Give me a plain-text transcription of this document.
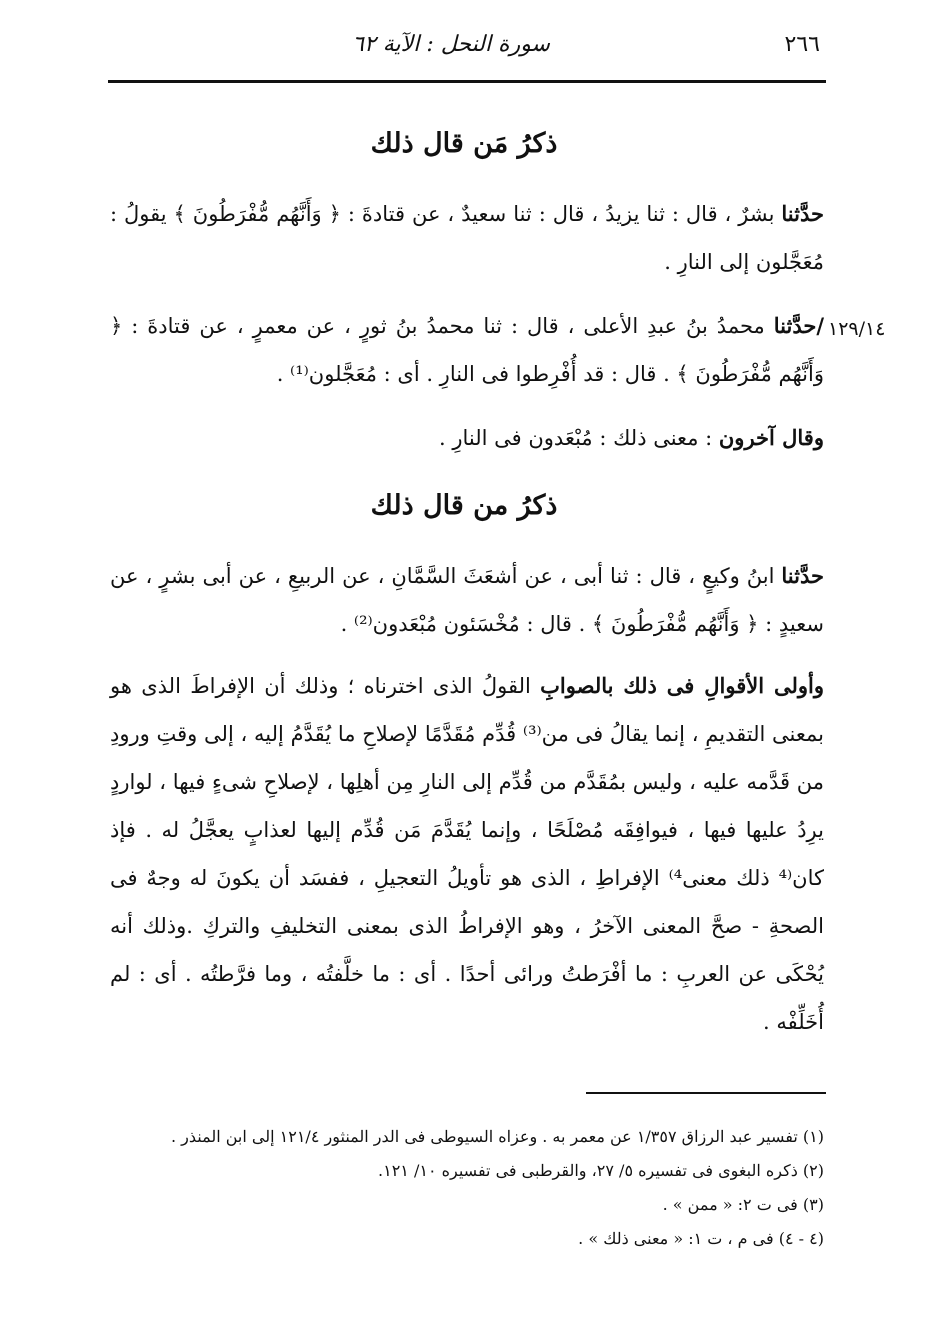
٢٦٦
سورة النحل : الآية ٦٢
ذكرُ مَن قال ذلك
حدَّثنا بشرٌ ، قال : ثنا يزيدُ ، قال : ثنا سعيدٌ ، عن قتادةَ : ﴿ وَأَنَّهُم مُّفْرَطُونَ ﴾ يقولُ : مُعَجَّلون إلى النارِ .
١٢٩/١٤
/حدَّثنا محمدُ بنُ عبدِ الأعلى ، قال : ثنا محمدُ بنُ ثورٍ ، عن معمرٍ ، عن قتادةَ : ﴿ وَأَنَّهُم مُّفْرَطُونَ ﴾ . قال : قد أُفْرِطوا فى النارِ . أى : مُعَجَّلون⁽¹⁾ .
وقال آخرون : معنى ذلك : مُبْعَدون فى النارِ .
ذكرُ من قال ذلك
حدَّثنا ابنُ وكيعٍ ، قال : ثنا أبى ، عن أشعَثَ السَّمَّانِ ، عن الربيعِ ، عن أبى بشرٍ ، عن سعيدٍ : ﴿ وَأَنَّهُم مُّفْرَطُونَ ﴾ . قال : مُخْسَئون مُبْعَدون⁽²⁾ .
وأولى الأقوالِ فى ذلك بالصوابِ القولُ الذى اخترناه ؛ وذلك أن الإفراطَ الذى هو بمعنى التقديمِ ، إنما يقالُ فى من⁽³⁾ قُدِّم مُقَدَّمًا لإصلاحِ ما يُقَدَّمُ إليه ، إلى وقتِ ورودِ من قَدَّمه عليه ، وليس بمُقَدَّم من قُدِّم إلى النارِ مِن أهلِها ، لإصلاحِ شىءٍ فيها ، لواردٍ يرِدُ عليها فيها ، فيوافِقَه مُصْلَحًا ، وإنما يُقَدَّمَ مَن قُدِّم إليها لعذابٍ يعجَّلُ له . فإذ كان⁽⁴ ذلك معنى⁴⁾ الإفراطِ ، الذى هو تأويلُ التعجيلِ ، ففسَد أن يكونَ له وجهٌ فى الصحةِ - صحَّ المعنى الآخرُ ، وهو الإفراطُ الذى بمعنى التخليفِ والتركِ .وذلك أنه يُحْكَى عن العربِ : ما أفْرَطتُ ورائى أحدًا . أى : ما خلَّفتُه ، وما فرَّطتُه . أى : لم أُخَلِّفْه .
(١) تفسير عبد الرزاق ١/٣٥٧ عن معمر به . وعزاه السيوطى فى الدر المنثور ١٢١/٤ إلى ابن المنذر .
(٢) ذكره البغوى فى تفسيره ٥/ ٢٧، والقرطبى فى تفسيره ١٠/ ١٢١.
(٣) فى ت ٢: « ممن » .
(٤ - ٤) فى م ، ت ١: « معنى ذلك » .
